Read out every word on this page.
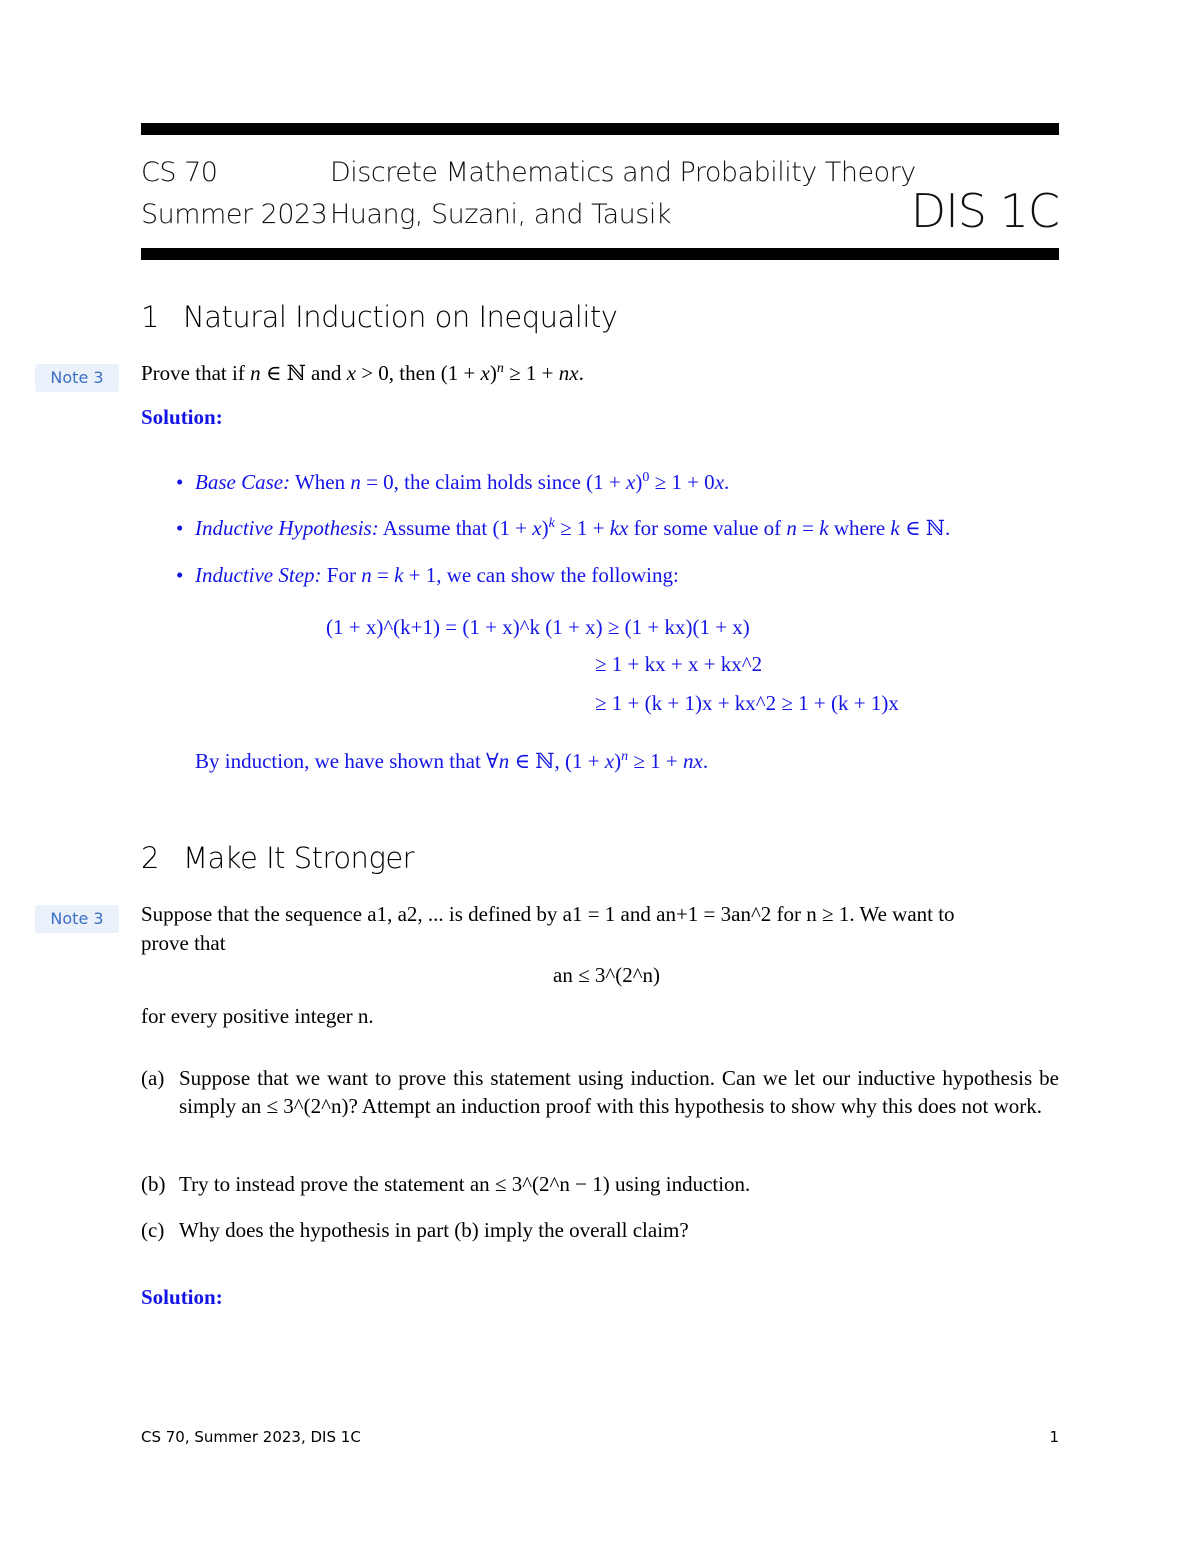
CS 70
Summer 2023
Discrete Mathematics and Probability Theory
Huang, Suzani, and Tausik	DIS 1C
1 Natural Induction on Inequality
Note 3	Prove that if n ∈ ℕ and x > 0, then $(1 + x)^n \ge 1$ + nx.
Solution:
• Base Case: When n = 0, the claim holds since $(1 + x)^0 \ge 1 + 0x$.
• Inductive Hypothesis: Assume that $(1 + x)^k \ge 1$ + kx for some value of n = k where k ∈ ℕ.
• Inductive Step: For n = k + 1, we can show the following:
(1 + x)^(k+1) = (1 + x)^k (1 + x) ≥ (1 + kx)(1 + x)
≥ 1 + kx + x + kx^2
≥ 1 + (k + 1)x + kx^2 ≥ 1 + (k + 1)x
By induction, we have shown that ∀n ∈ ℕ, $(1 + x)^n \ge 1$ + nx.
2 Make It Stronger
Note 3	Suppose that the sequence a1, a2, ... is defined by a1 = 1 and an+1 = 3an^2 for n ≥ 1. We want to
prove that
an ≤ 3^(2^n)
for every positive integer n.
(a) Suppose that we want to prove this statement using induction. Can we let our inductive hypothesis be simply an ≤ 3^(2^n)? Attempt an induction proof with this hypothesis to show why this does not work.
(b) Try to instead prove the statement an ≤ 3^(2^n − 1) using induction.
(c) Why does the hypothesis in part (b) imply the overall claim?
Solution:
CS 70, Summer 2023, DIS 1C	1
